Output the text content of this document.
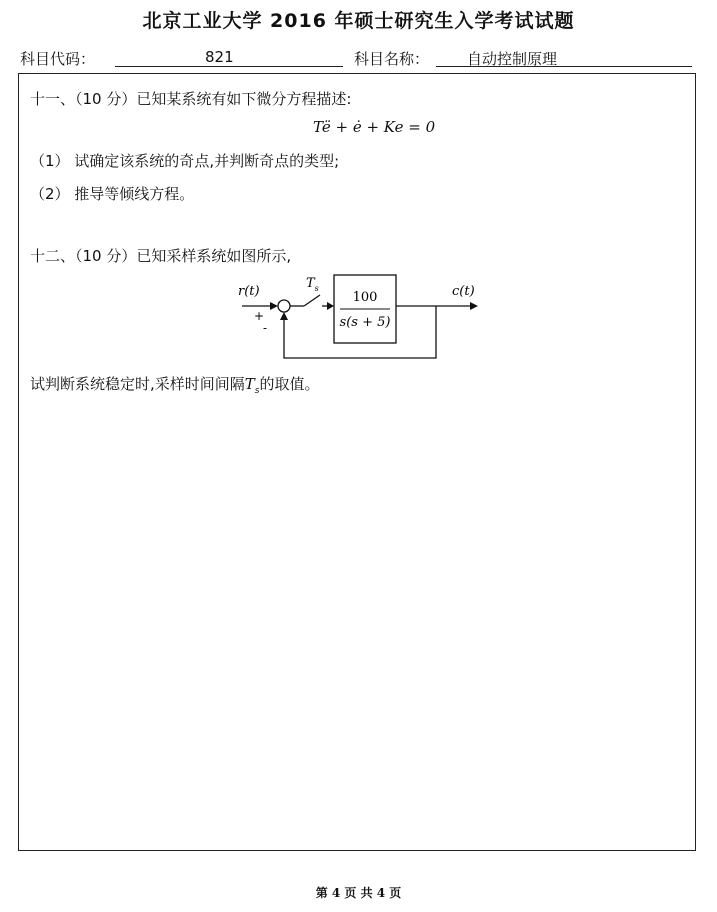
北京工业大学 2016 年硕士研究生入学考试试题
科目代码：	821	科目名称：	自动控制原理
十一、（10 分）已知某系统有如下微分方程描述:
Të + ė + Ke = 0
（1） 试确定该系统的奇点,并判断奇点的类型;
（2） 推导等倾线方程。
十二、（10 分）已知采样系统如图所示,
r(t)
+
-
$T_s$
100
s(s + 5)
c(t)
试判断系统稳定时,采样时间间隔$T_s$的取值。
第 4 页 共 4 页
